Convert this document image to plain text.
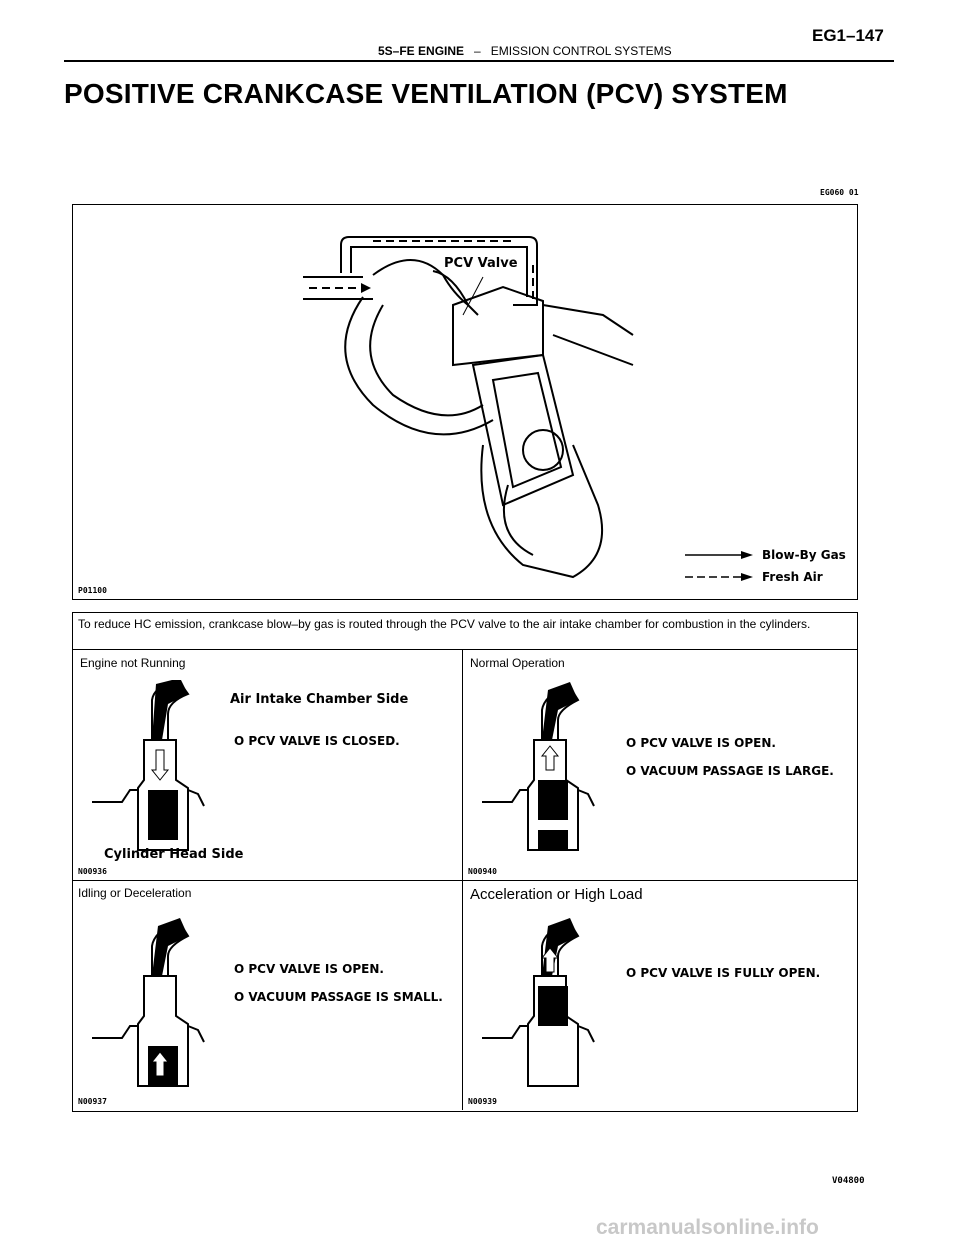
EG1–147
5S–FE ENGINE – EMISSION CONTROL SYSTEMS
POSITIVE CRANKCASE VENTILATION (PCV) SYSTEM
EG060 01
PCV Valve
Blow-By Gas
Fresh Air
P01100
To reduce HC emission, crankcase blow–by gas is routed through the PCV valve to the air intake chamber for combustion in the cylinders.
Engine not Running	Normal Operation
Idling or Deceleration	Acceleration or High Load
Air Intake Chamber Side
O PCV VALVE IS CLOSED.
Cylinder Head Side
N00936
O PCV VALVE IS OPEN.
O VACUUM PASSAGE IS LARGE.
N00940
O PCV VALVE IS OPEN.
O VACUUM PASSAGE IS SMALL.
N00937
O PCV VALVE IS FULLY OPEN.
N00939
V04800
carmanualsonline.info
